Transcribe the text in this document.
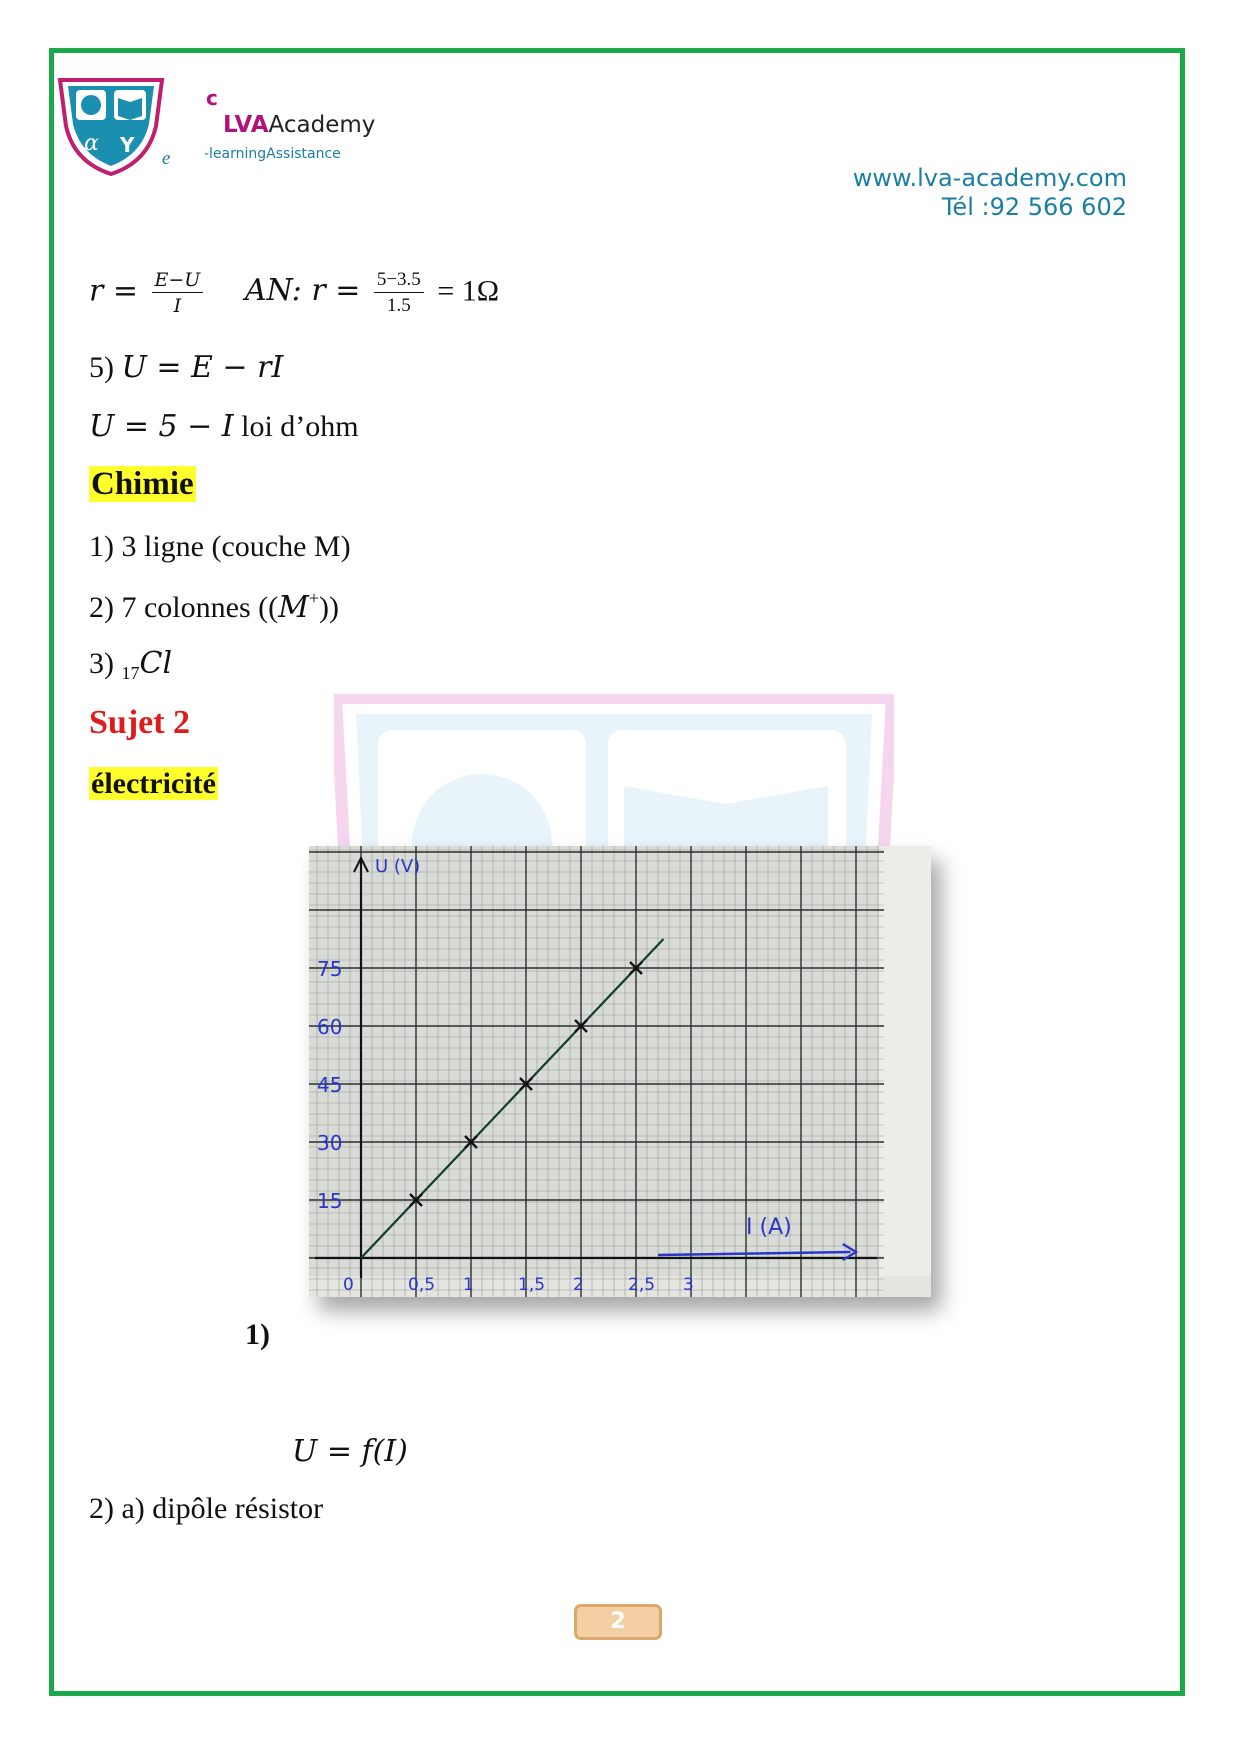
α Y
c
LVAAcademy
e -learningAssistance
www.lva-academy.com
Tél :92 566 602
$r = \frac{E-U}{I}$ AN: $r = \frac{5-3.5}{1.5} = 1\Omega$
5) U = E − rI
U = 5 − I loi d’ohm
Chimie
1) 3 ligne (couche M)
2) 7 colonnes ((M+))
3) $_{17}$Cl
Sujet 2
électricité
U (V)
I (A)
15
30
45
60
75
0	0,5 1	1,5 2	2,5 3
1)
U = f(I)
2) a) dipôle résistor
2
